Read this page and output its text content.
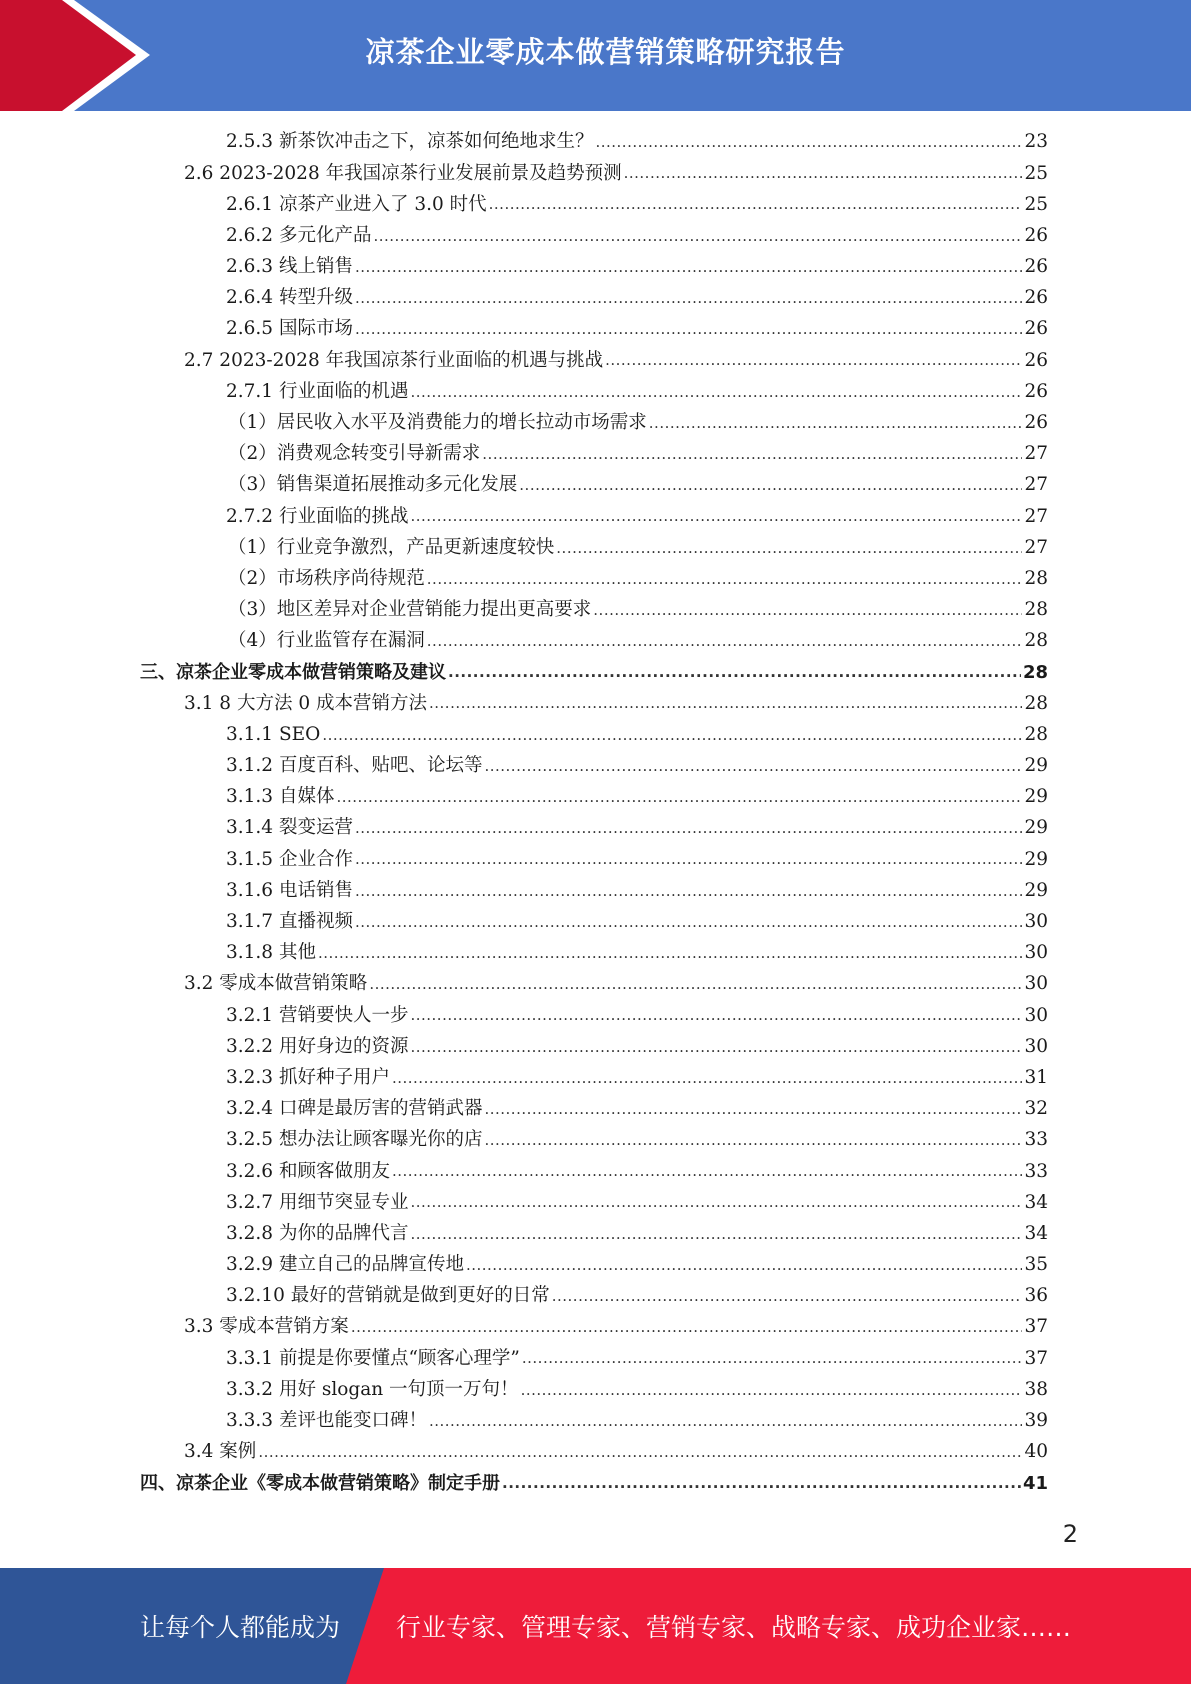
凉茶企业零成本做营销策略研究报告
2.5.3 新茶饮冲击之下，凉茶如何绝地求生？ .....	23
2.6 2023-2028 年我国凉茶行业发展前景及趋势预测 .....	25
2.6.1 凉茶产业进入了 3.0 时代 .....	25
2.6.2 多元化产品 .....	26
2.6.3 线上销售 .....	26
2.6.4 转型升级 .....	26
2.6.5 国际市场 .....	26
2.7 2023-2028 年我国凉茶行业面临的机遇与挑战 .....	26
2.7.1 行业面临的机遇 .....	26
（1）居民收入水平及消费能力的增长拉动市场需求 .....	26
（2）消费观念转变引导新需求 .....	27
（3）销售渠道拓展推动多元化发展 .....	27
2.7.2 行业面临的挑战 .....	27
（1）行业竞争激烈，产品更新速度较快 .....	27
（2）市场秩序尚待规范 .....	28
（3）地区差异对企业营销能力提出更高要求 .....	28
（4）行业监管存在漏洞 .....	28
三、凉茶企业零成本做营销策略及建议 .....	28
3.1 8 大方法 0 成本营销方法 .....	28
3.1.1 SEO .....	28
3.1.2 百度百科、贴吧、论坛等 .....	29
3.1.3 自媒体 .....	29
3.1.4 裂变运营 .....	29
3.1.5 企业合作 .....	29
3.1.6 电话销售 .....	29
3.1.7 直播视频 .....	30
3.1.8 其他 .....	30
3.2 零成本做营销策略 .....	30
3.2.1 营销要快人一步 .....	30
3.2.2 用好身边的资源 .....	30
3.2.3 抓好种子用户 .....	31
3.2.4 口碑是最厉害的营销武器 .....	32
3.2.5 想办法让顾客曝光你的店 .....	33
3.2.6 和顾客做朋友 .....	33
3.2.7 用细节突显专业 .....	34
3.2.8 为你的品牌代言 .....	34
3.2.9 建立自己的品牌宣传地 .....	35
3.2.10 最好的营销就是做到更好的日常 .....	36
3.3 零成本营销方案 .....	37
3.3.1 前提是你要懂点“顾客心理学” .....	37
3.3.2 用好 slogan 一句顶一万句！ .....	38
3.3.3 差评也能变口碑！ .....	39
3.4 案例 .....	40
四、凉茶企业《零成本做营销策略》制定手册 .....	41
2
让每个人都能成为 行业专家、管理专家、营销专家、战略专家、成功企业家……
